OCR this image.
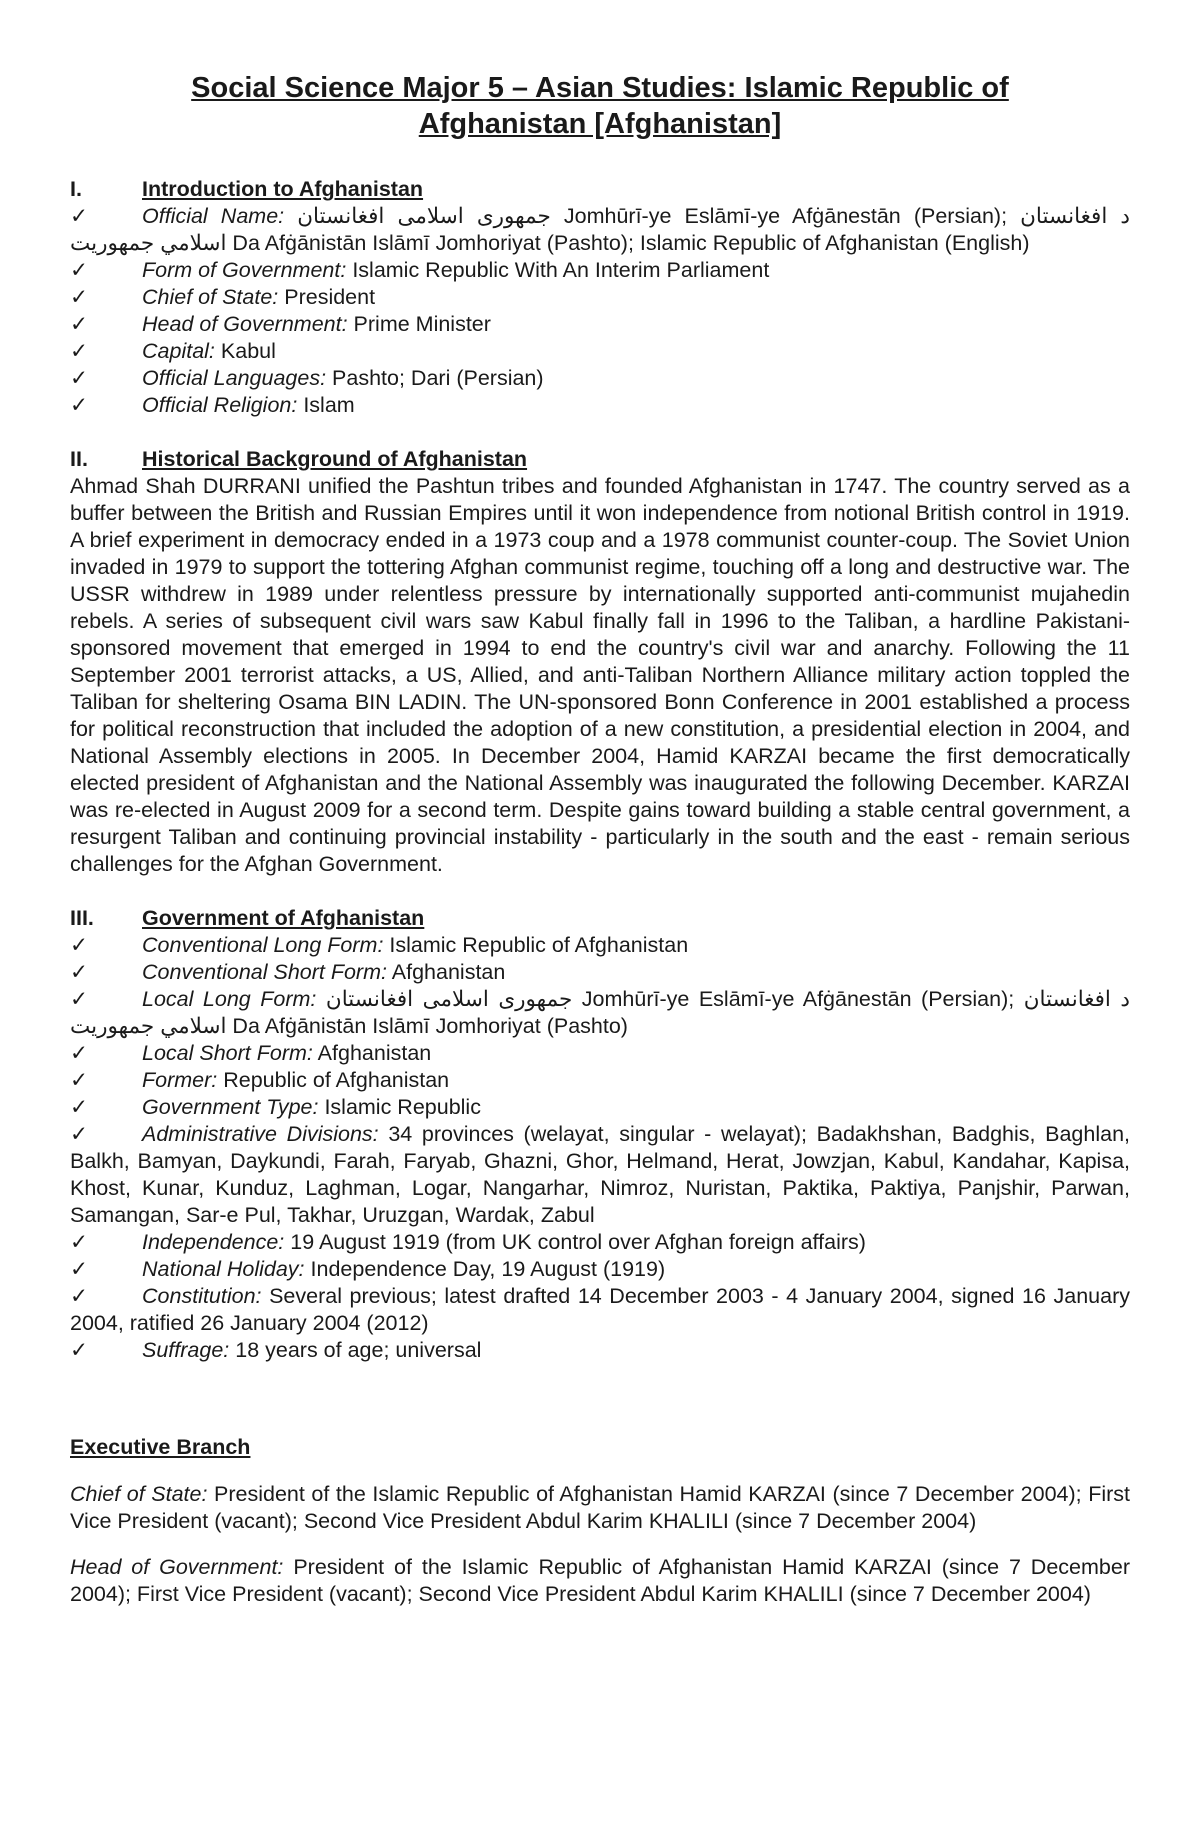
Social Science Major 5 – Asian Studies: Islamic Republic of
Afghanistan [Afghanistan]
I.	Introduction to Afghanistan
✓	Official Name: جمهوری اسلامی افغانستان Jomhūrī-ye Eslāmī-ye Afġānestān (Persian); د افغانستان اسلامي جمهوريت Da Afġānistān Islāmī Jomhoriyat (Pashto); Islamic Republic of Afghanistan (English)
✓	Form of Government: Islamic Republic With An Interim Parliament
✓	Chief of State: President
✓	Head of Government: Prime Minister
✓	Capital: Kabul
✓	Official Languages: Pashto; Dari (Persian)
✓	Official Religion: Islam
II.	Historical Background of Afghanistan

Ahmad Shah DURRANI unified the Pashtun tribes and founded Afghanistan in 1747. The country served as a buffer between the British and Russian Empires until it won independence from notional British control in 1919. A brief experiment in democracy ended in a 1973 coup and a 1978 communist counter-coup. The Soviet Union invaded in 1979 to support the tottering Afghan communist regime, touching off a long and destructive war. The USSR withdrew in 1989 under relentless pressure by internationally supported anti-communist mujahedin rebels. A series of subsequent civil wars saw Kabul finally fall in 1996 to the Taliban, a hardline Pakistani-sponsored movement that emerged in 1994 to end the country's civil war and anarchy. Following the 11 September 2001 terrorist attacks, a US, Allied, and anti-Taliban Northern Alliance military action toppled the Taliban for sheltering Osama BIN LADIN. The UN-sponsored Bonn Conference in 2001 established a process for political reconstruction that included the adoption of a new constitution, a presidential election in 2004, and National Assembly elections in 2005. In December 2004, Hamid KARZAI became the first democratically elected president of Afghanistan and the National Assembly was inaugurated the following December. KARZAI was re-elected in August 2009 for a second term. Despite gains toward building a stable central government, a resurgent Taliban and continuing provincial instability - particularly in the south and the east - remain serious challenges for the Afghan Government.

III. Government of Afghanistan
✓	Conventional Long Form: Islamic Republic of Afghanistan
✓	Conventional Short Form: Afghanistan
✓	Local Long Form: جمهوری اسلامی افغانستان Jomhūrī-ye Eslāmī-ye Afġānestān (Persian); د افغانستان اسلامي جمهوريت Da Afġānistān Islāmī Jomhoriyat (Pashto)
✓	Local Short Form: Afghanistan
✓	Former: Republic of Afghanistan
✓	Government Type: Islamic Republic
✓	Administrative Divisions: 34 provinces (welayat, singular - welayat); Badakhshan, Badghis, Baghlan, Balkh, Bamyan, Daykundi, Farah, Faryab, Ghazni, Ghor, Helmand, Herat, Jowzjan, Kabul, Kandahar, Kapisa, Khost, Kunar, Kunduz, Laghman, Logar, Nangarhar, Nimroz, Nuristan, Paktika, Paktiya, Panjshir, Parwan, Samangan, Sar-e Pul, Takhar, Uruzgan, Wardak, Zabul
✓	Independence: 19 August 1919 (from UK control over Afghan foreign affairs)
✓	National Holiday: Independence Day, 19 August (1919)
✓	Constitution: Several previous; latest drafted 14 December 2003 - 4 January 2004, signed 16 January 2004, ratified 26 January 2004 (2012)
✓	Suffrage: 18 years of age; universal

Executive Branch

Chief of State: President of the Islamic Republic of Afghanistan Hamid KARZAI (since 7 December 2004); First Vice President (vacant); Second Vice President Abdul Karim KHALILI (since 7 December 2004)

Head of Government: President of the Islamic Republic of Afghanistan Hamid KARZAI (since 7 December 2004); First Vice President (vacant); Second Vice President Abdul Karim KHALILI (since 7 December 2004)
